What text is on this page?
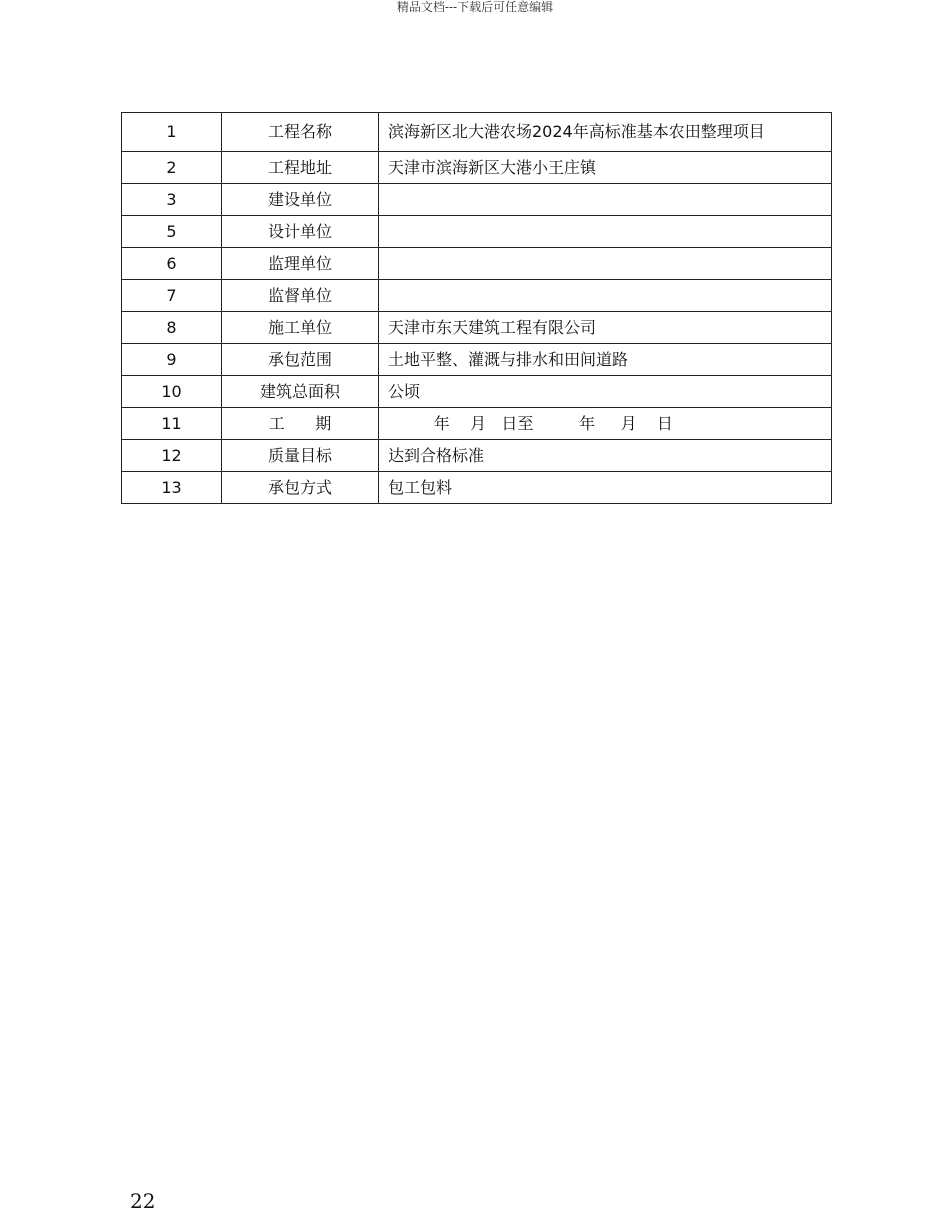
精品文档---下载后可任意编辑
1	工程名称	滨海新区北大港农场2024年高标准基本农田整理项目
2	工程地址	天津市滨海新区大港小王庄镇
3	建设单位	
5	设计单位	
6	监理单位	
7	监督单位	
8	施工单位	天津市东天建筑工程有限公司
9	承包范围	土地平整、灌溉与排水和田间道路
10	建筑总面积	公顷
11	工      期	年    月   日至         年     月    日
12	质量目标	达到合格标准
13	承包方式	包工包料
22
